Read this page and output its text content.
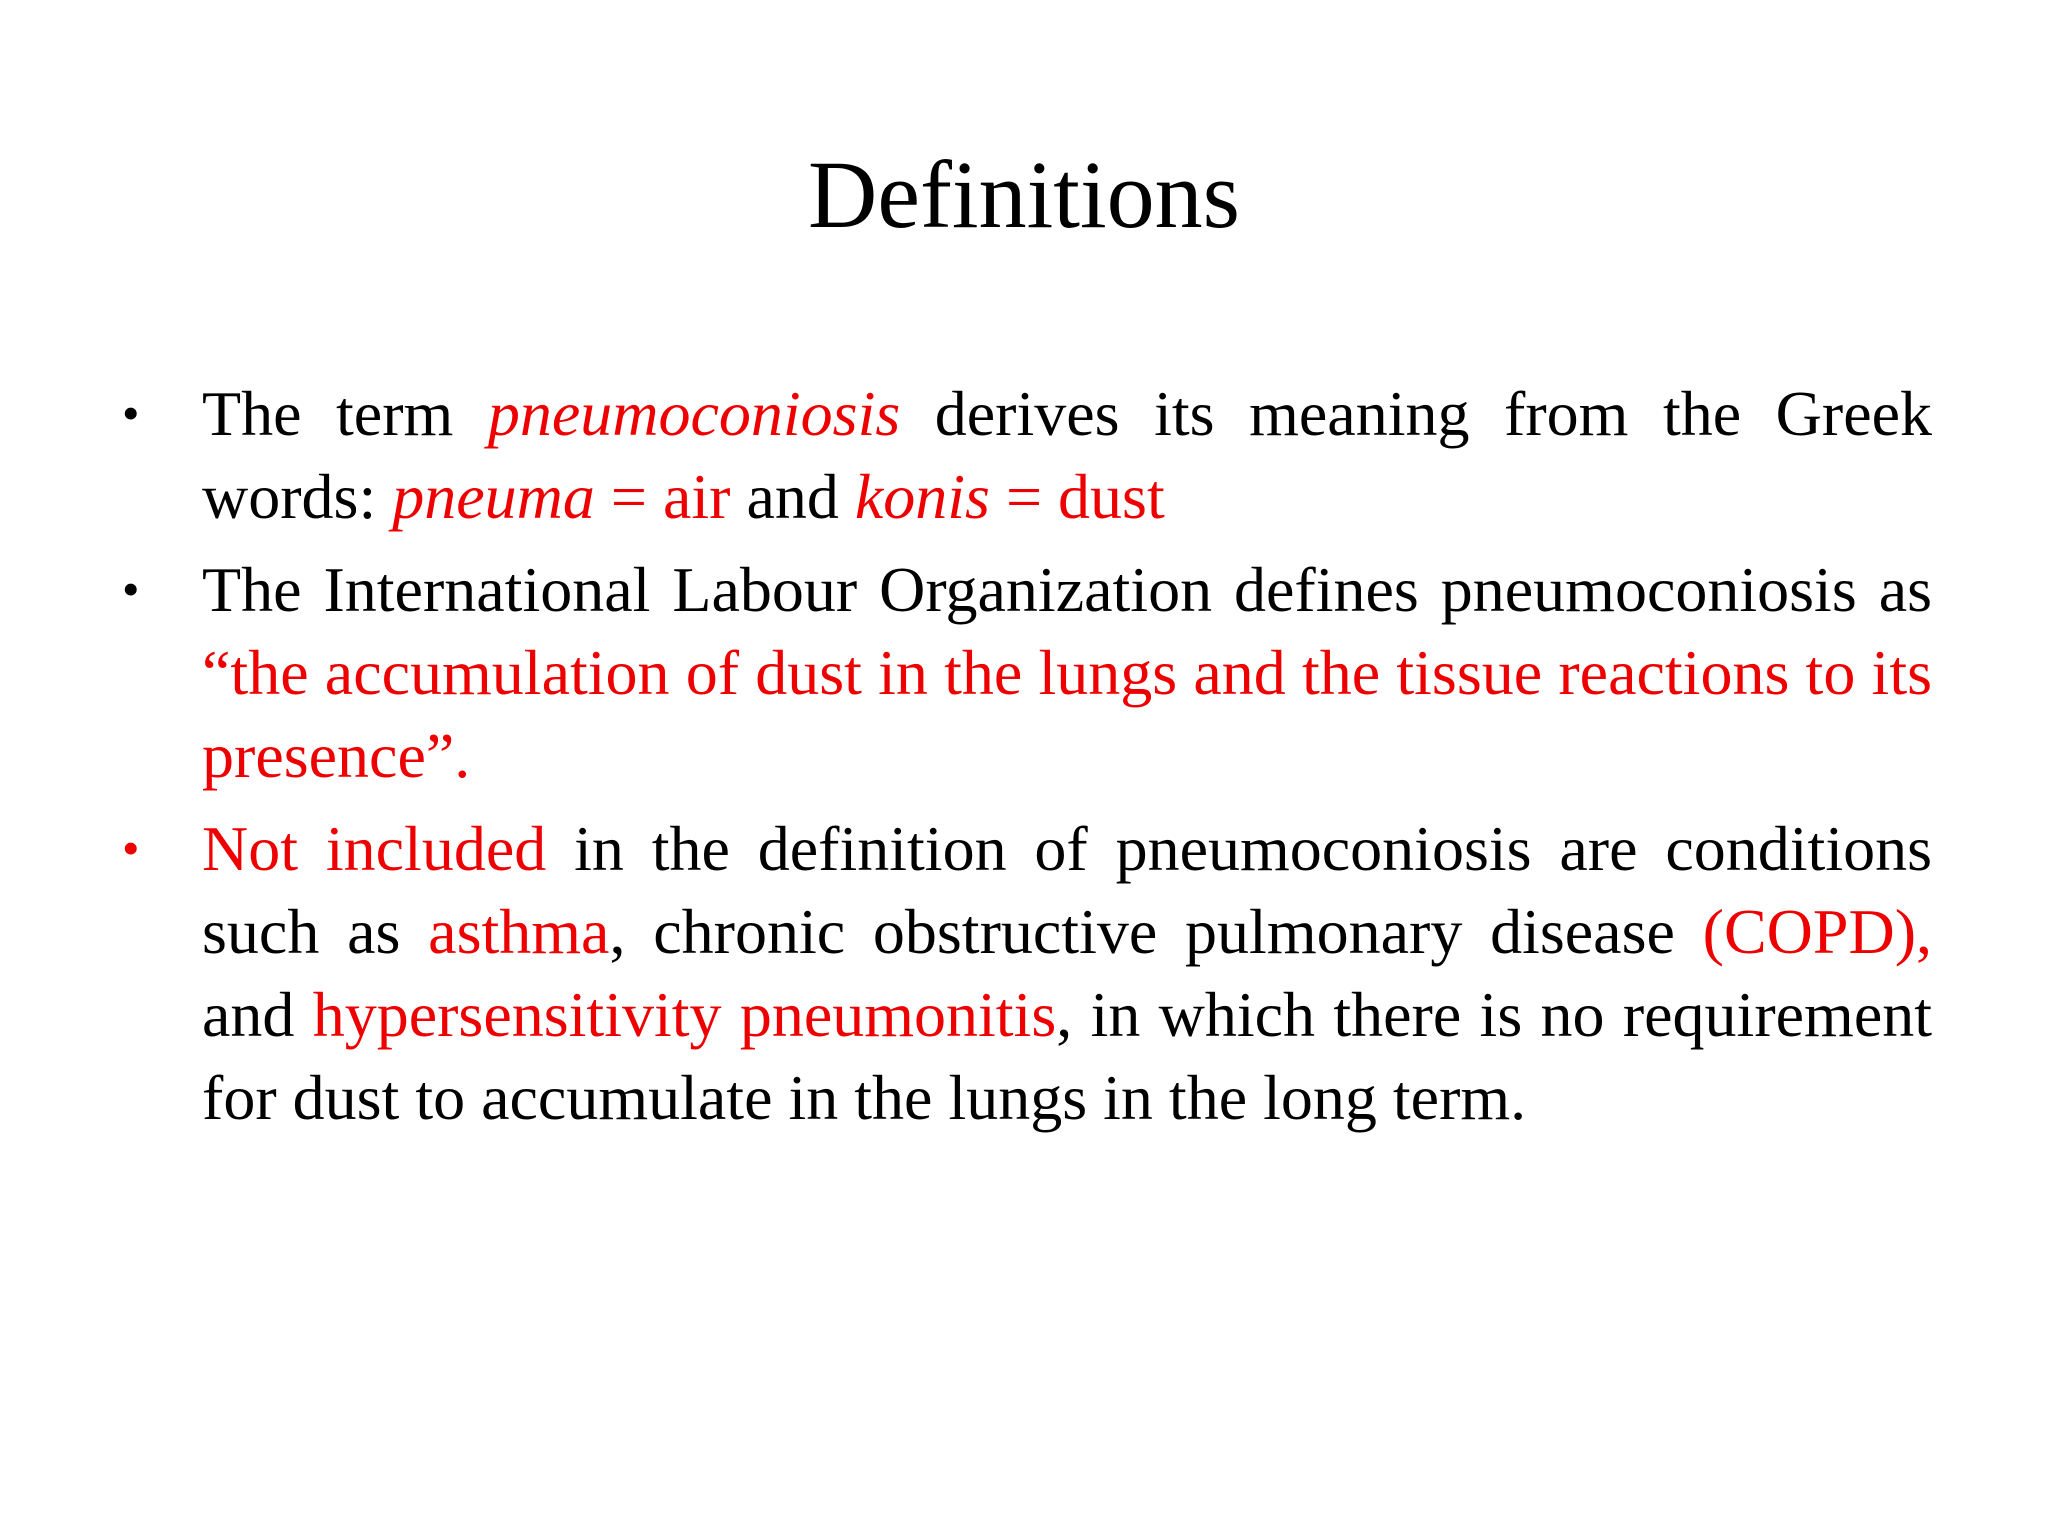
Definitions
• The term pneumoconiosis derives its meaning from the Greek words: pneuma = air and konis = dust
• The International Labour Organization defines pneumoconiosis as “the accumulation of dust in the lungs and the tissue reactions to its presence”.
• Not included in the definition of pneumoconiosis are conditions such as asthma, chronic obstructive pulmonary disease (COPD), and hypersensitivity pneumonitis, in which there is no requirement for dust to accumulate in the lungs in the long term.
